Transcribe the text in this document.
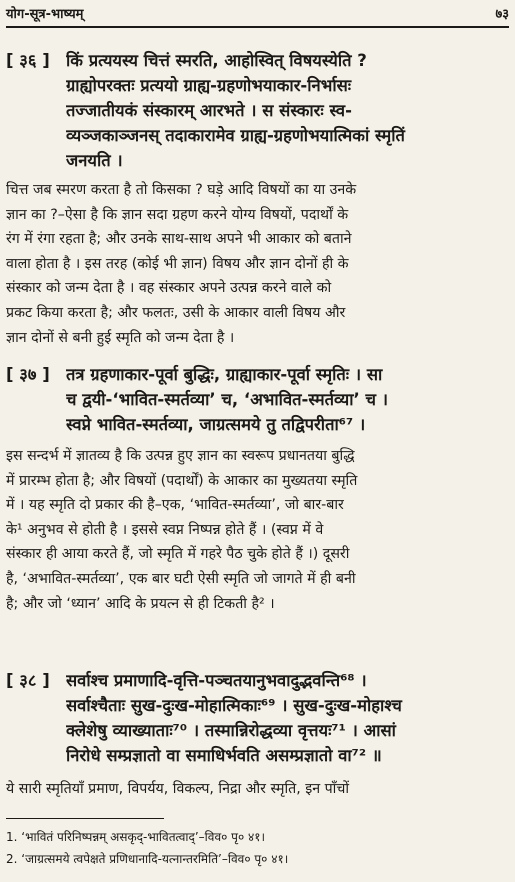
योग-सूत्र-भाष्यम्	७३
[ ३६ ] किं प्रत्ययस्य चित्तं स्मरति, आहोस्वित् विषयस्येति ?
ग्राह्योपरक्तः प्रत्ययो ग्राह्य-ग्रहणोभयाकार-निर्भासः
तज्जातीयकं संस्कारम् आरभते । स संस्कारः स्व-
व्यञ्जकाञ्जनस् तदाकारामेव ग्राह्य-ग्रहणोभयात्मिकां स्मृतिं
जनयति ।
चित्त जब स्मरण करता है तो किसका ? घड़े आदि विषयों का या उनके
ज्ञान का ?–ऐसा है कि ज्ञान सदा ग्रहण करने योग्य विषयों, पदार्थों के
रंग में रंगा रहता है; और उनके साथ-साथ अपने भी आकार को बताने
वाला होता है । इस तरह (कोई भी ज्ञान) विषय और ज्ञान दोनों ही के
संस्कार को जन्म देता है । वह संस्कार अपने उत्पन्न करने वाले को
प्रकट किया करता है; और फलतः, उसी के आकार वाली विषय और
ज्ञान दोनों से बनी हुई स्मृति को जन्म देता है ।
[ ३७ ] तत्र ग्रहणाकार-पूर्वा बुद्धिः, ग्राह्याकार-पूर्वा स्मृतिः । सा
च द्वयी-‘भावित-स्मर्तव्या’ च, ‘अभावित-स्मर्तव्या’ च ।
स्वप्ने भावित-स्मर्तव्या, जाग्रत्समये तु तद्विपरीता⁶⁷ ।
इस सन्दर्भ में ज्ञातव्य है कि उत्पन्न हुए ज्ञान का स्वरूप प्रधानतया बुद्धि
में प्रारम्भ होता है; और विषयों (पदार्थों) के आकार का मुख्यतया स्मृति
में । यह स्मृति दो प्रकार की है–एक, ‘भावित-स्मर्तव्या’, जो बार-बार
के¹ अनुभव से होती है । इससे स्वप्न निष्पन्न होते हैं । (स्वप्न में वे
संस्कार ही आया करते हैं, जो स्मृति में गहरे पैठ चुके होते हैं ।) दूसरी
है, ‘अभावित-स्मर्तव्या’, एक बार घटी ऐसी स्मृति जो जागते में ही बनी
है; और जो ‘ध्यान’ आदि के प्रयत्न से ही टिकती है² ।
[ ३८ ] सर्वाश्च प्रमाणादि-वृत्ति-पञ्चतयानुभवादुद्भवन्ति⁶⁸ ।
सर्वाश्चैताः सुख-दुःख-मोहात्मिकाः⁶⁹ । सुख-दुःख-मोहाश्च
क्लेशेषु व्याख्याताः⁷⁰ । तस्मान्निरोद्धव्या वृत्तयः⁷¹ । आसां
निरोधे सम्प्रज्ञातो वा समाधिर्भवति असम्प्रज्ञातो वा⁷² ॥
ये सारी स्मृतियाँ प्रमाण, विपर्यय, विकल्प, निद्रा और स्मृति, इन पाँचों
1. ‘भावितं परिनिष्पन्नम् असकृद्-भावितत्वाद्’–विव० पृ० ४१।
2. ‘जाग्रत्समये त्वपेक्षते प्रणिधानादि-यत्नान्तरमिति’–विव० पृ० ४१।
